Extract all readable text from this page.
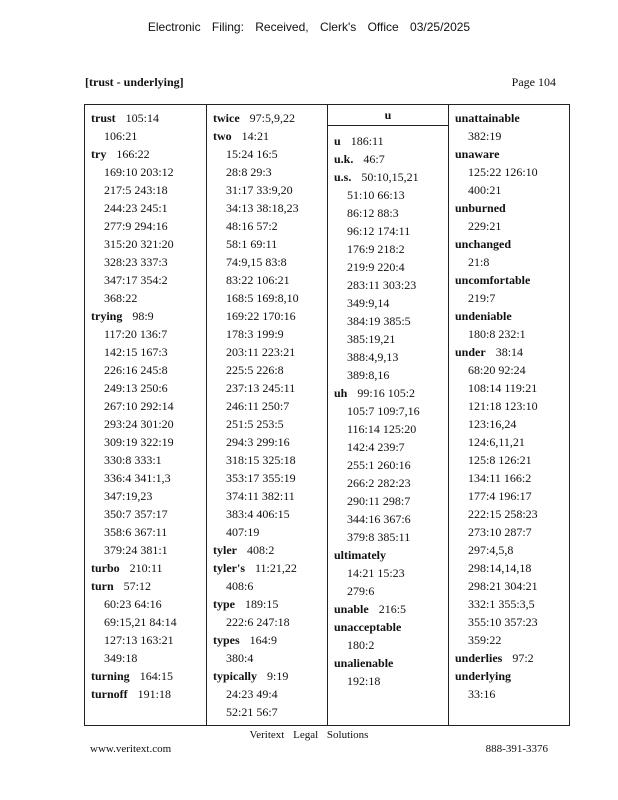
Electronic Filing: Received, Clerk's Office 03/25/2025
[trust - underlying]	Page 104
trust 105:14
106:21
try 166:22
169:10 203:12
217:5 243:18
244:23 245:1
277:9 294:16
315:20 321:20
328:23 337:3
347:17 354:2
368:22
trying 98:9
117:20 136:7
142:15 167:3
226:16 245:8
249:13 250:6
267:10 292:14
293:24 301:20
309:19 322:19
330:8 333:1
336:4 341:1,3
347:19,23
350:7 357:17
358:6 367:11
379:24 381:1
turbo 210:11
turn 57:12
60:23 64:16
69:15,21 84:14
127:13 163:21
349:18
turning 164:15
turnoff 191:18
twice 97:5,9,22
two 14:21
15:24 16:5
28:8 29:3
31:17 33:9,20
34:13 38:18,23
48:16 57:2
58:1 69:11
74:9,15 83:8
83:22 106:21
168:5 169:8,10
169:22 170:16
178:3 199:9
203:11 223:21
225:5 226:8
237:13 245:11
246:11 250:7
251:5 253:5
294:3 299:16
318:15 325:18
353:17 355:19
374:11 382:11
383:4 406:15
407:19
tyler 408:2
tyler's 11:21,22
408:6
type 189:15
222:6 247:18
types 164:9
380:4
typically 9:19
24:23 49:4
52:21 56:7
u
u 186:11
u.k. 46:7
u.s. 50:10,15,21
51:10 66:13
86:12 88:3
96:12 174:11
176:9 218:2
219:9 220:4
283:11 303:23
349:9,14
384:19 385:5
385:19,21
388:4,9,13
389:8,16
uh 99:16 105:2
105:7 109:7,16
116:14 125:20
142:4 239:7
255:1 260:16
266:2 282:23
290:11 298:7
344:16 367:6
379:8 385:11
ultimately
14:21 15:23
279:6
unable 216:5
unacceptable
180:2
unalienable
192:18
unattainable
382:19
unaware
125:22 126:10
400:21
unburned
229:21
unchanged
21:8
uncomfortable
219:7
undeniable
180:8 232:1
under 38:14
68:20 92:24
108:14 119:21
121:18 123:10
123:16,24
124:6,11,21
125:8 126:21
134:11 166:2
177:4 196:17
222:15 258:23
273:10 287:7
297:4,5,8
298:14,14,18
298:21 304:21
332:1 355:3,5
355:10 357:23
359:22
underlies 97:2
underlying
33:16
Veritext Legal Solutions
www.veritext.com	888-391-3376
